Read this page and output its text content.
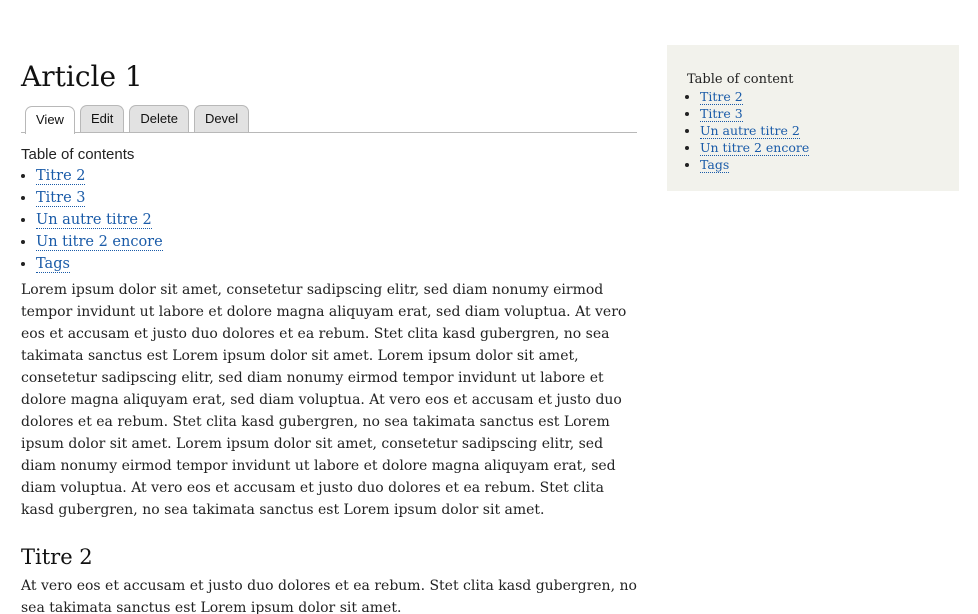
Article 1
View	Edit	Delete	Devel
Table of contents
• Titre 2
• Titre 3
• Un autre titre 2
• Un titre 2 encore
• Tags

Lorem ipsum dolor sit amet, consetetur sadipscing elitr, sed diam nonumy eirmod tempor invidunt ut labore et dolore magna aliquyam erat, sed diam voluptua. At vero eos et accusam et justo duo dolores et ea rebum. Stet clita kasd gubergren, no sea takimata sanctus est Lorem ipsum dolor sit amet. Lorem ipsum dolor sit amet, consetetur sadipscing elitr, sed diam nonumy eirmod tempor invidunt ut labore et dolore magna aliquyam erat, sed diam voluptua. At vero eos et accusam et justo duo dolores et ea rebum. Stet clita kasd gubergren, no sea takimata sanctus est Lorem ipsum dolor sit amet. Lorem ipsum dolor sit amet, consetetur sadipscing elitr, sed diam nonumy eirmod tempor invidunt ut labore et dolore magna aliquyam erat, sed diam voluptua. At vero eos et accusam et justo duo dolores et ea rebum. Stet clita kasd gubergren, no sea takimata sanctus est Lorem ipsum dolor sit amet.

Titre 2

At vero eos et accusam et justo duo dolores et ea rebum. Stet clita kasd gubergren, no sea takimata sanctus est Lorem ipsum dolor sit amet.

Table of content
• Titre 2
• Titre 3
• Un autre titre 2
• Un titre 2 encore
• Tags
